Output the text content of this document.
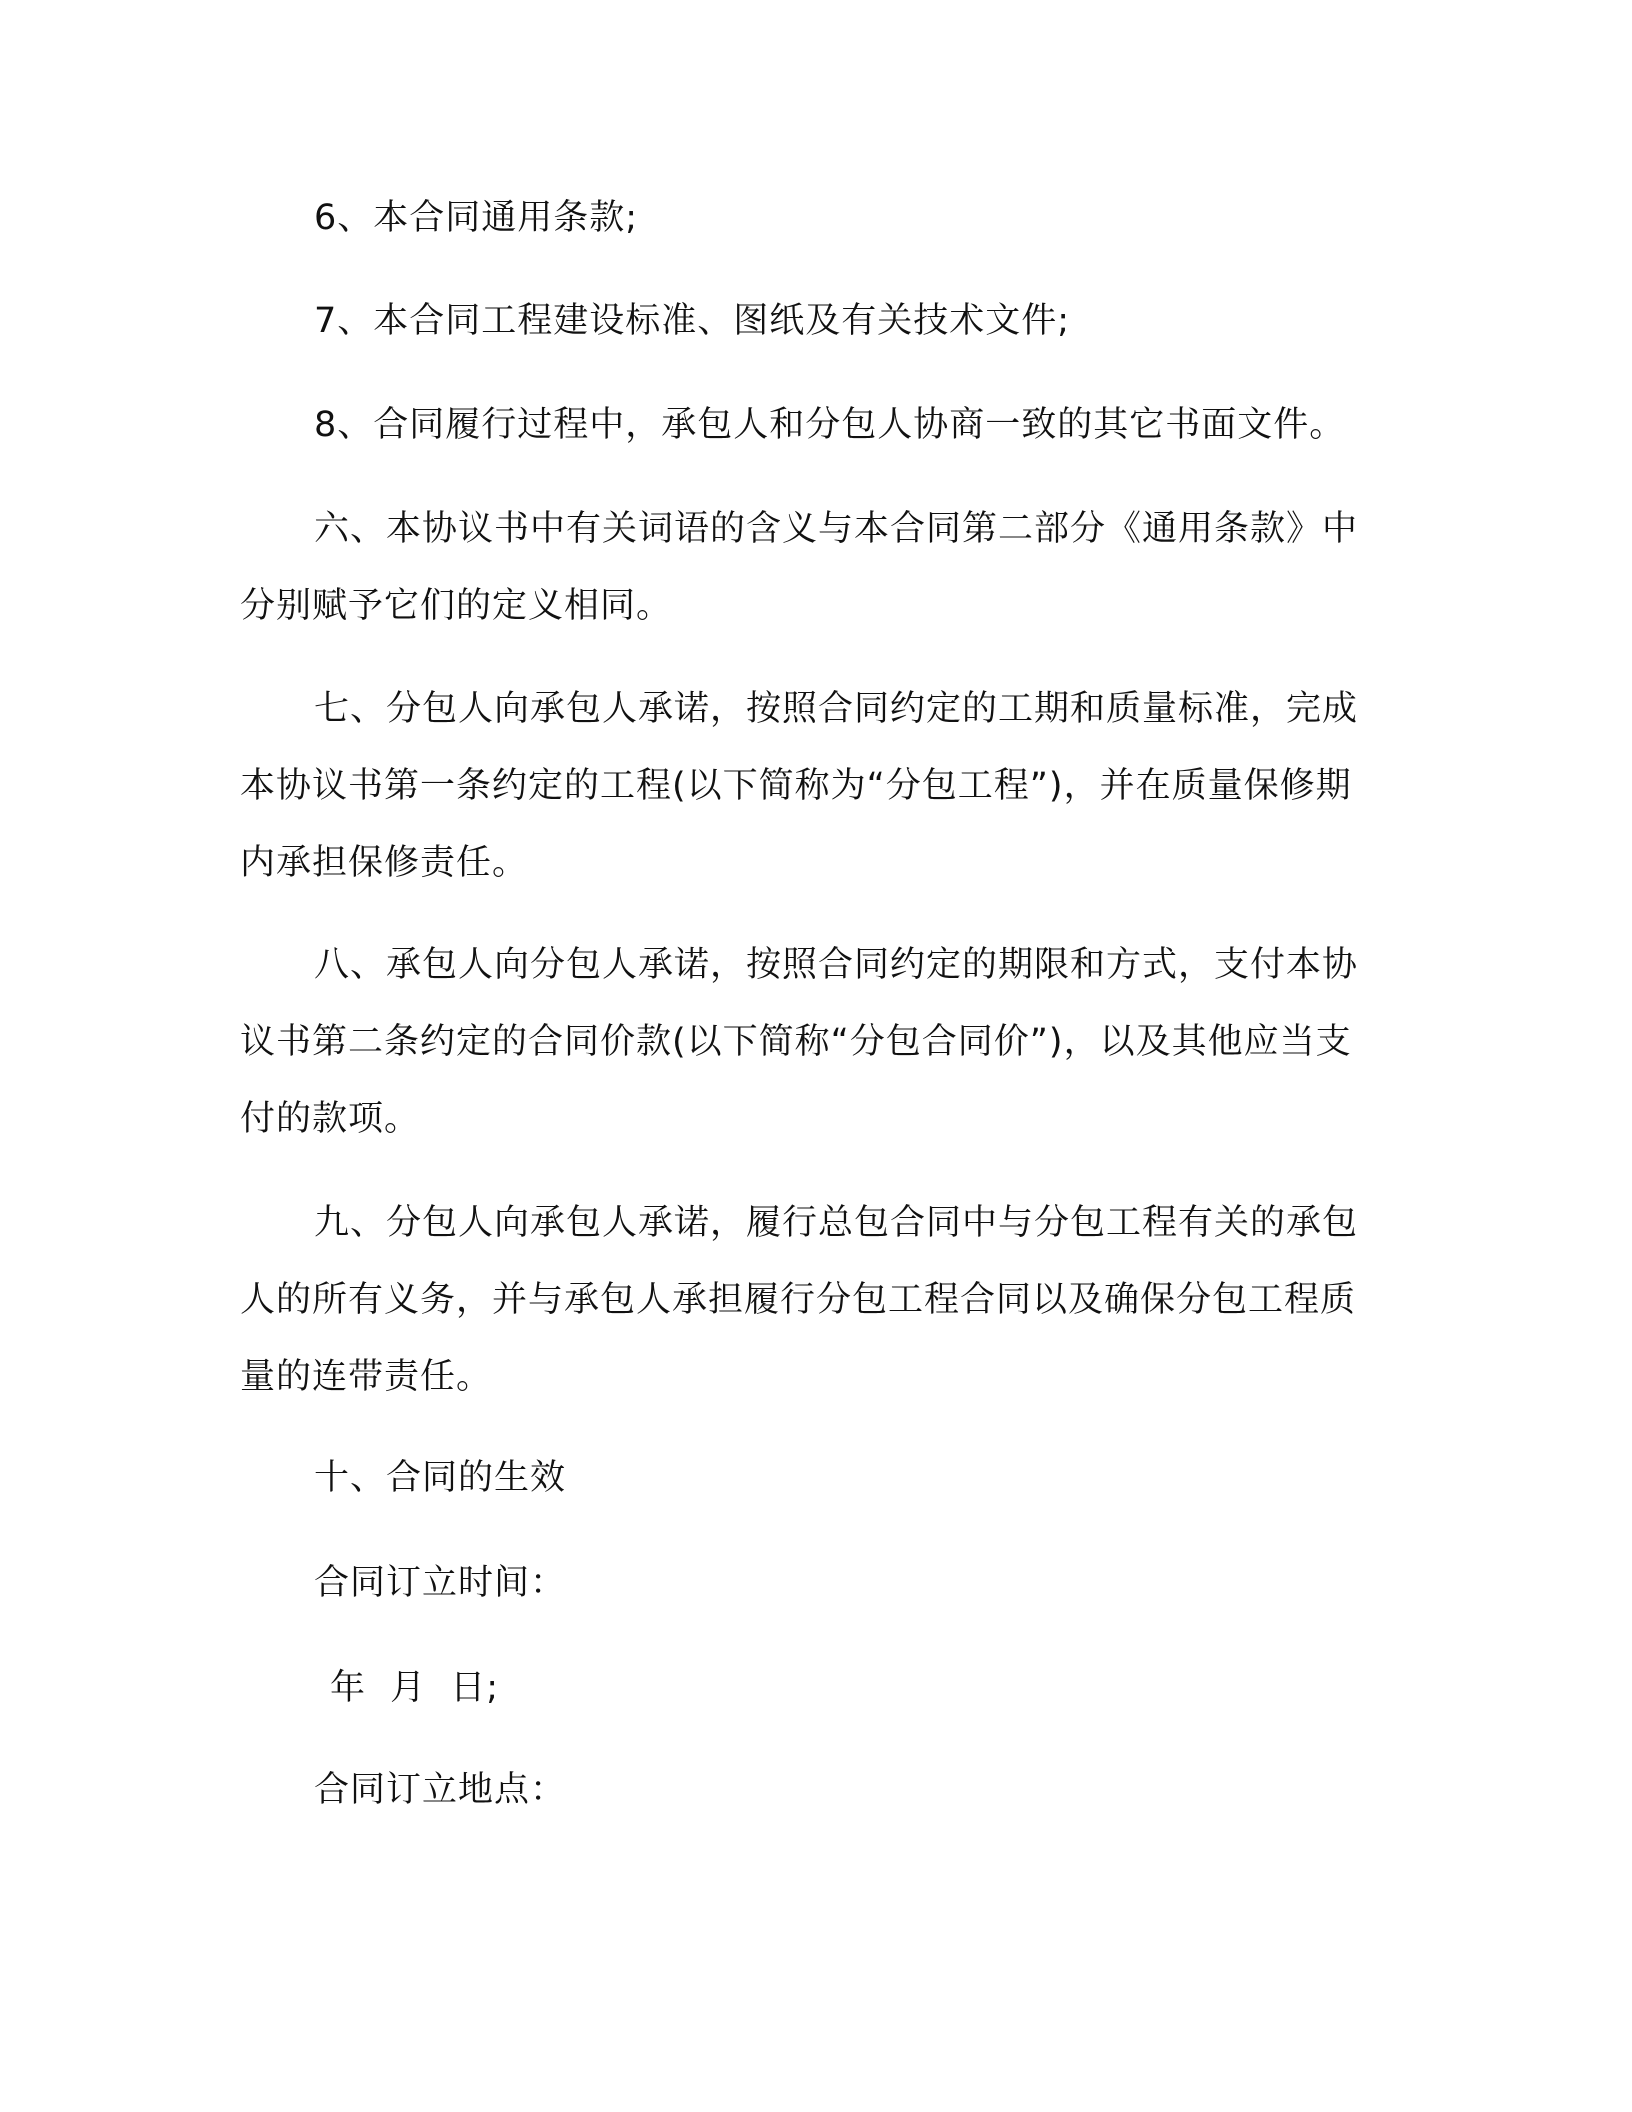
6、本合同通用条款;

7、本合同工程建设标准、图纸及有关技术文件;

8、合同履行过程中，承包人和分包人协商一致的其它书面文件。

六、本协议书中有关词语的含义与本合同第二部分《通用条款》中分别赋予它们的定义相同。

七、分包人向承包人承诺，按照合同约定的工期和质量标准，完成本协议书第一条约定的工程(以下简称为“分包工程”)，并在质量保修期内承担保修责任。

八、承包人向分包人承诺，按照合同约定的期限和方式，支付本协议书第二条约定的合同价款(以下简称“分包合同价”)，以及其他应当支付的款项。

九、分包人向承包人承诺，履行总包合同中与分包工程有关的承包人的所有义务，并与承包人承担履行分包工程合同以及确保分包工程质量的连带责任。

十、合同的生效

合同订立时间：

年 月 日;

合同订立地点：
